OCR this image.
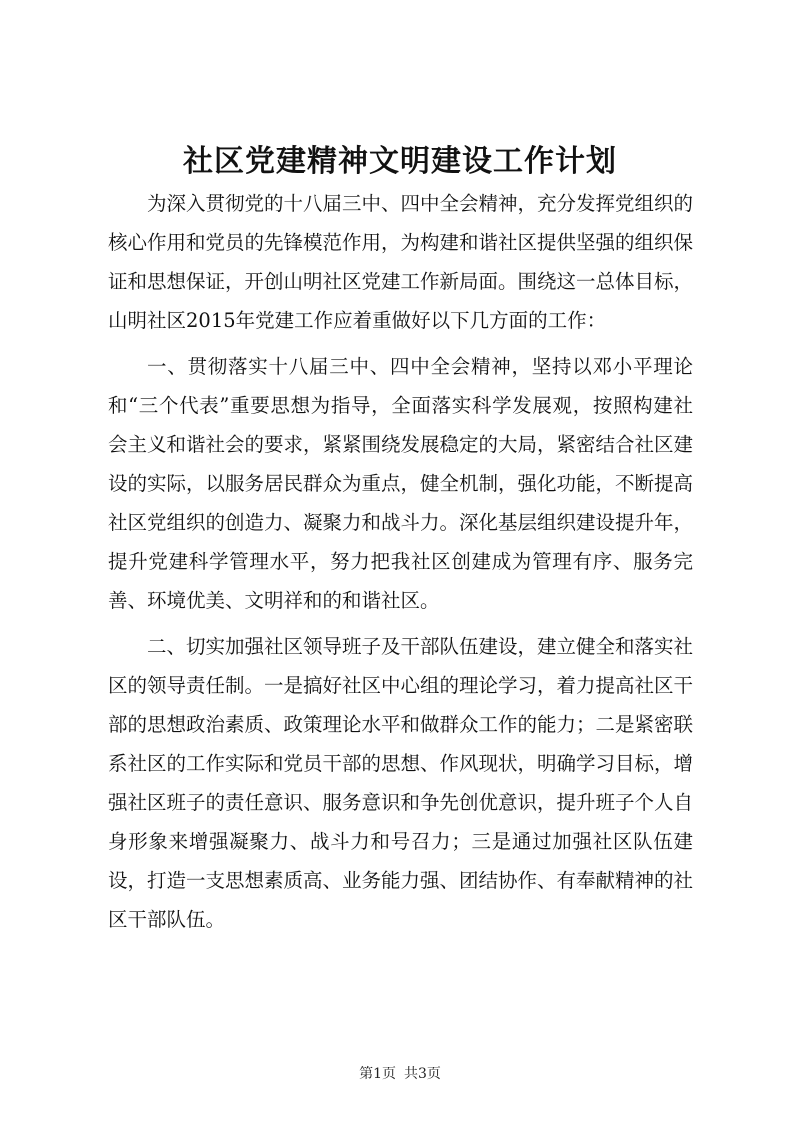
社区党建精神文明建设工作计划

为深入贯彻党的十八届三中、四中全会精神，充分发挥党组织的核心作用和党员的先锋模范作用，为构建和谐社区提供坚强的组织保证和思想保证，开创山明社区党建工作新局面。围绕这一总体目标，山明社区2015年党建工作应着重做好以下几方面的工作：

一、贯彻落实十八届三中、四中全会精神，坚持以邓小平理论和“三个代表”重要思想为指导，全面落实科学发展观，按照构建社会主义和谐社会的要求，紧紧围绕发展稳定的大局，紧密结合社区建设的实际，以服务居民群众为重点，健全机制，强化功能，不断提高社区党组织的创造力、凝聚力和战斗力。深化基层组织建设提升年，提升党建科学管理水平，努力把我社区创建成为管理有序、服务完善、环境优美、文明祥和的和谐社区。

二、切实加强社区领导班子及干部队伍建设，建立健全和落实社区的领导责任制。一是搞好社区中心组的理论学习，着力提高社区干部的思想政治素质、政策理论水平和做群众工作的能力；二是紧密联系社区的工作实际和党员干部的思想、作风现状，明确学习目标，增强社区班子的责任意识、服务意识和争先创优意识，提升班子个人自身形象来增强凝聚力、战斗力和号召力；三是通过加强社区队伍建设，打造一支思想素质高、业务能力强、团结协作、有奉献精神的社区干部队伍。

第1页 共3页
